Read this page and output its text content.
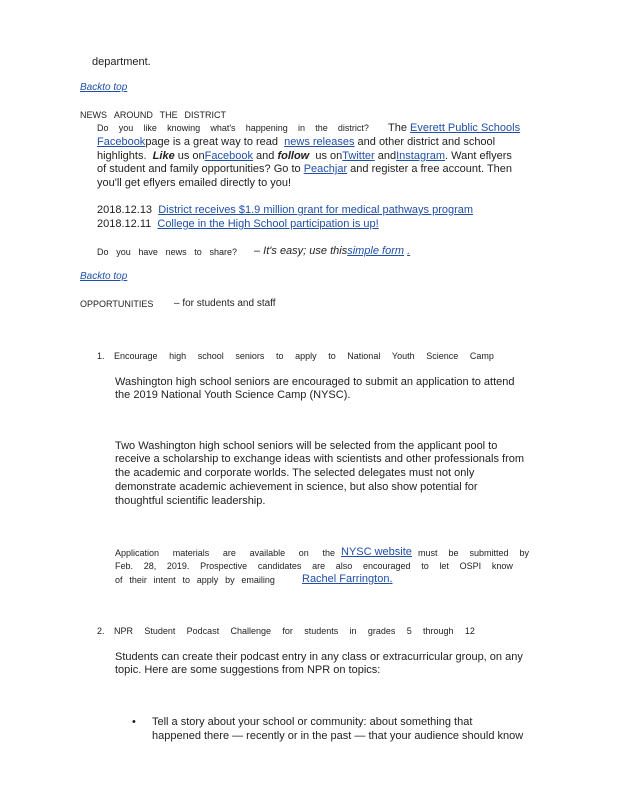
department.
Backto top
NEWS AROUND THE DISTRICT
Do you like knowing what's happening in the district? The Everett Public Schools
Facebookpage is a great way to read news releases and other district and school
highlights. Like us onFacebook and follow us onTwitter andInstagram. Want eflyers
of student and family opportunities? Go to Peachjar and register a free account. Then
you'll get eflyers emailed directly to you!
2018.12.13 District receives $1.9 million grant for medical pathways program
2018.12.11 College in the High School participation is up!
Do you have news to share? – It's easy; use thissimple form .
Backto top
OPPORTUNITIES – for students and staff
1. Encourage high school seniors to apply to National Youth Science Camp
Washington high school seniors are encouraged to submit an application to attend
the 2019 National Youth Science Camp (NYSC).
Two Washington high school seniors will be selected from the applicant pool to
receive a scholarship to exchange ideas with scientists and other professionals from
the academic and corporate worlds. The selected delegates must not only
demonstrate academic achievement in science, but also show potential for
thoughtful scientific leadership.
Application materials are available on the NYSC website must be submitted by
Feb. 28, 2019. Prospective candidates are also encouraged to let OSPI know
of their intent to apply by emailing Rachel Farrington.
2. NPR Student Podcast Challenge for students in grades 5 through 12
Students can create their podcast entry in any class or extracurricular group, on any
topic. Here are some suggestions from NPR on topics:
• Tell a story about your school or community: about something that
happened there — recently or in the past — that your audience should know
